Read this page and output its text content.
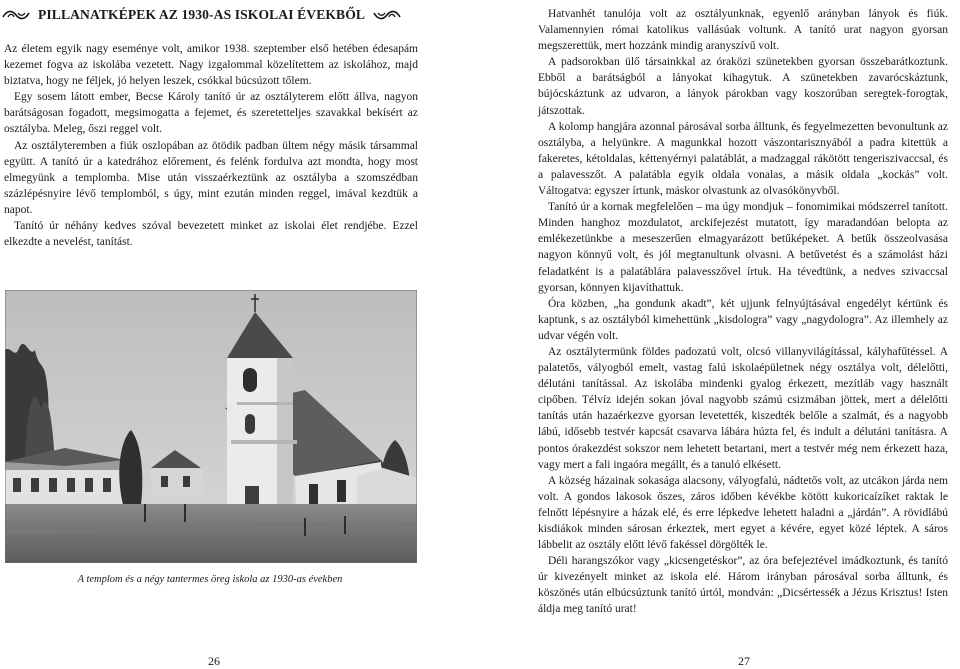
PILLANATKÉPEK AZ 1930-AS ISKOLAI ÉVEKBŐL

Az életem egyik nagy eseménye volt, amikor 1938. szeptember első hetében édesapám kezemet fogva az iskolába vezetett. Nagy izgalommal közelítettem az iskolához, majd biztatva, hogy ne féljek, jó helyen leszek, csókkal búcsúzott tőlem.

Egy sosem látott ember, Becse Károly tanító úr az osztályterem előtt állva, nagyon barátságosan fogadott, megsimogatta a fejemet, és szeretetteljes szavakkal bekísért az osztályba. Meleg, őszi reggel volt.

Az osztályteremben a fiúk oszlopában az ötödik padban ültem négy másik társammal együtt. A tanító úr a katedrához előrement, és felénk fordulva azt mondta, hogy most elmegyünk a templomba. Mise után visszaérkeztünk az osztályba a szomszédban százlépésnyire lévő templomból, s úgy, mint ezután minden reggel, imával kezdtük a napot.

Tanító úr néhány kedves szóval bevezetett minket az iskolai élet rendjébe. Ezzel elkezdte a nevelést, tanítást.

A templom és a négy tantermes öreg iskola az 1930-as években
26

Hatvanhét tanulója volt az osztályunknak, egyenlő arányban lányok és fiúk. Valamennyien római katolikus vallásúak voltunk. A tanító urat nagyon gyorsan megszerettük, mert hozzánk mindig aranyszívű volt.

A padsorokban ülő társainkkal az óraközi szünetekben gyorsan összebarátkoztunk. Ebből a barátságból a lányokat kihagytuk. A szünetekben zavarócskáztunk, bújócskáztunk az udvaron, a lányok párokban vagy koszorúban seregtek-forogtak, játszottak.

A kolomp hangjára azonnal párosával sorba álltunk, és fegyelmezetten bevonultunk az osztályba, a helyünkre. A magunkkal hozott vászontarisznyából a padra kitettük a fakeretes, kétoldalas, kéttenyérnyi palatáblát, a madzaggal rákötött tengeriszivaccsal, és a palavesszőt. A palatábla egyik oldala vonalas, a másik oldala „kockás” volt. Váltogatva: egyszer írtunk, máskor olvastunk az olvasókönyvből.

Tanító úr a kornak megfelelően – ma úgy mondjuk – fonomimikai módszerrel tanított. Minden hanghoz mozdulatot, arckifejezést mutatott, így maradandóan belopta az emlékezetünkbe a meseszerűen elmagyarázott betűképeket. A betűk összeolvasása nagyon könnyű volt, és jól megtanultunk olvasni. A betűvetést és a számolást házi feladatként is a palatáblára palavesszővel írtuk. Ha tévedtünk, a nedves szivaccsal gyorsan, könnyen kijavíthattuk.

Óra közben, „ha gondunk akadt”, két ujjunk felnyújtásával engedélyt kértünk és kaptunk, s az osztályból kimehettünk „kisdologra” vagy „nagydologra”. Az illemhely az udvar végén volt.

Az osztálytermünk földes padozatú volt, olcsó villanyvilágítással, kályhafűtéssel. A palatetős, vályogból emelt, vastag falú iskolaépületnek négy osztálya volt, délelőtti, délutáni tanítással. Az iskolába mindenki gyalog érkezett, mezítláb vagy használt cipőben. Télvíz idején sokan jóval nagyobb számú csizmában jöttek, mert a délelőtti tanítás után hazaérkezve gyorsan levetették, kiszedték belőle a szalmát, és a nagyobb lábú, idősebb testvér kapcsát csavarva lábára húzta fel, és indult a délutáni tanításra. A pontos órakezdést sokszor nem lehetett betartani, mert a testvér még nem érkezett haza, vagy mert a fali ingaóra megállt, és a tanuló elkésett.

A község házainak sokasága alacsony, vályogfalú, nádtetős volt, az utcákon járda nem volt. A gondos lakosok őszes, záros időben kévékbe kötött kukoricaízíket raktak le felnőtt lépésnyire a házak elé, és erre lépkedve lehetett haladni a „járdán”. A rövidlábú kisdiákok minden sárosan érkeztek, mert egyet a kévére, egyet közé léptek. A sáros lábbelit az osztály előtt lévő fakéssel dörgölték le.

Déli harangszókor vagy „kicsengetéskor”, az óra befejeztével imádkoztunk, és tanító úr kivezényelt minket az iskola elé. Három irányban párosával sorba álltunk, és köszönés után elbúcsúztunk tanító úrtól, mondván: „Dicsértessék a Jézus Krisztus! Isten áldja meg tanító urat!

27
